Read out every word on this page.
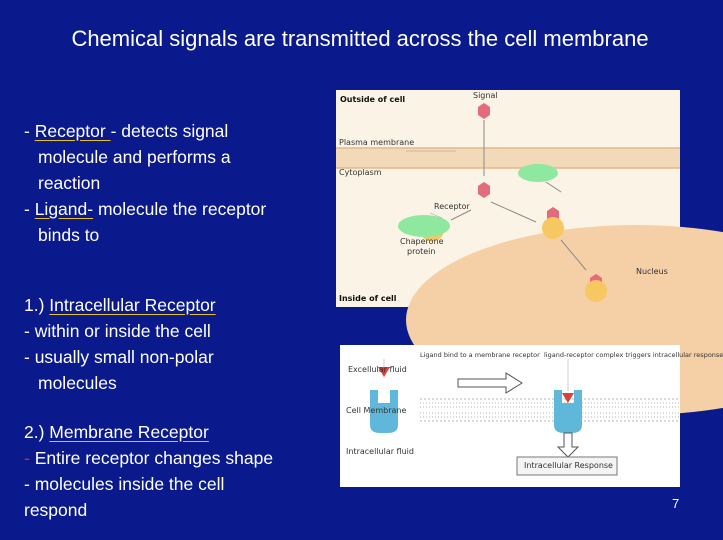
Chemical signals are transmitted across the cell membrane
- Receptor - detects signal
molecule and performs a
reaction
- Ligand- molecule the receptor
binds to
1.) Intracellular Receptor
- within or inside the cell
- usually small non-polar
molecules
2.) Membrane Receptor
- Entire receptor changes shape
- molecules inside the cell
respond
Outside of cell	Signal
Plasma membrane
Cytoplasm
Receptor
Chaperone
protein
Nucleus
Inside of cell
Ligand bind to a membrane receptor ligand-receptor complex triggers intracellular response
Excellular fluid
Cell Membrane
Intracellular fluid
Intracellular Response
7
